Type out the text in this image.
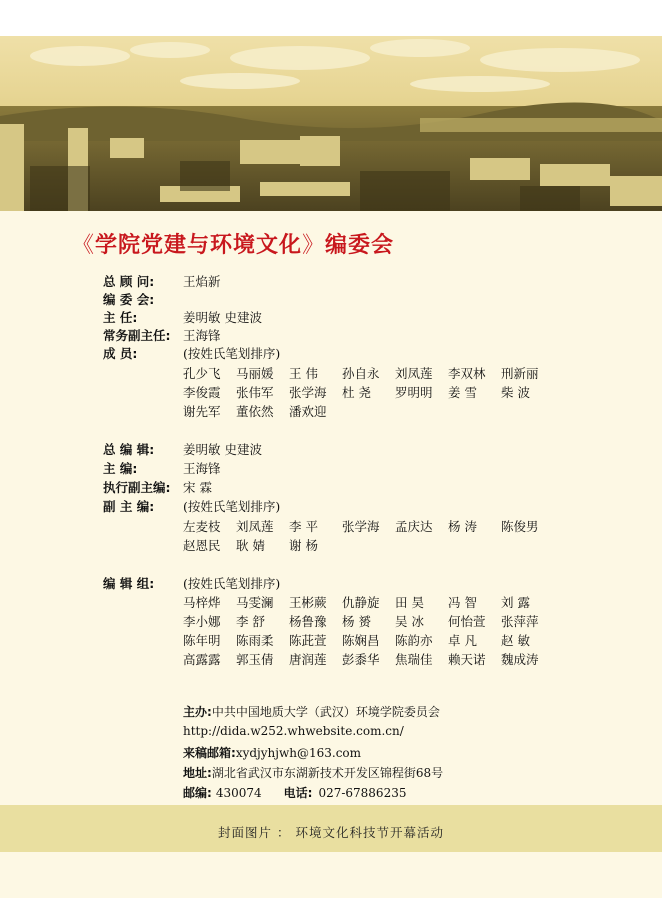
《学院党建与环境文化》编委会
总 顾 问:	王焰新
编 委 会:
主 任:	姜明敏 史建波
常务副主任:	王海锋
成 员:	(按姓氏笔划排序)
孔少飞 马丽媛 王 伟 孙自永 刘凤莲 李双林 刑新丽
李俊霞 张伟军 张学海 杜 尧 罗明明 姜 雪 柴 波
谢先军 董依然 潘欢迎
总 编 辑:	姜明敏 史建波
主 编:	王海锋
执行副主编:	宋 霖
副 主 编:	(按姓氏笔划排序)
左麦枝 刘凤莲 李 平 张学海 孟庆达 杨 涛 陈俊男
赵恩民 耿 婧 谢 杨
编 辑 组:	(按姓氏笔划排序)
马梓烨 马雯澜 王彬蕨 仇静旋 田 昊 冯 智 刘 露
李小娜 李 舒 杨鲁豫 杨 赟 吴 冰 何怡萱 张萍萍
陈年明 陈雨柔 陈茈萱 陈娴昌 陈韵亦 卓 凡 赵 敏
高露露 郭玉倩 唐润莲 彭黍华 焦瑞佳 赖天诺 魏成涛
主办:中共中国地质大学（武汉）环境学院委员会
http://dida.w252.whwebsite.com.cn/
来稿邮箱:xydjyhjwh@163.com
地址:湖北省武汉市东湖新技术开发区锦程街68号
邮编: 430074 电话: 027-67886235
封面图片 ： 环境文化科技节开幕活动
